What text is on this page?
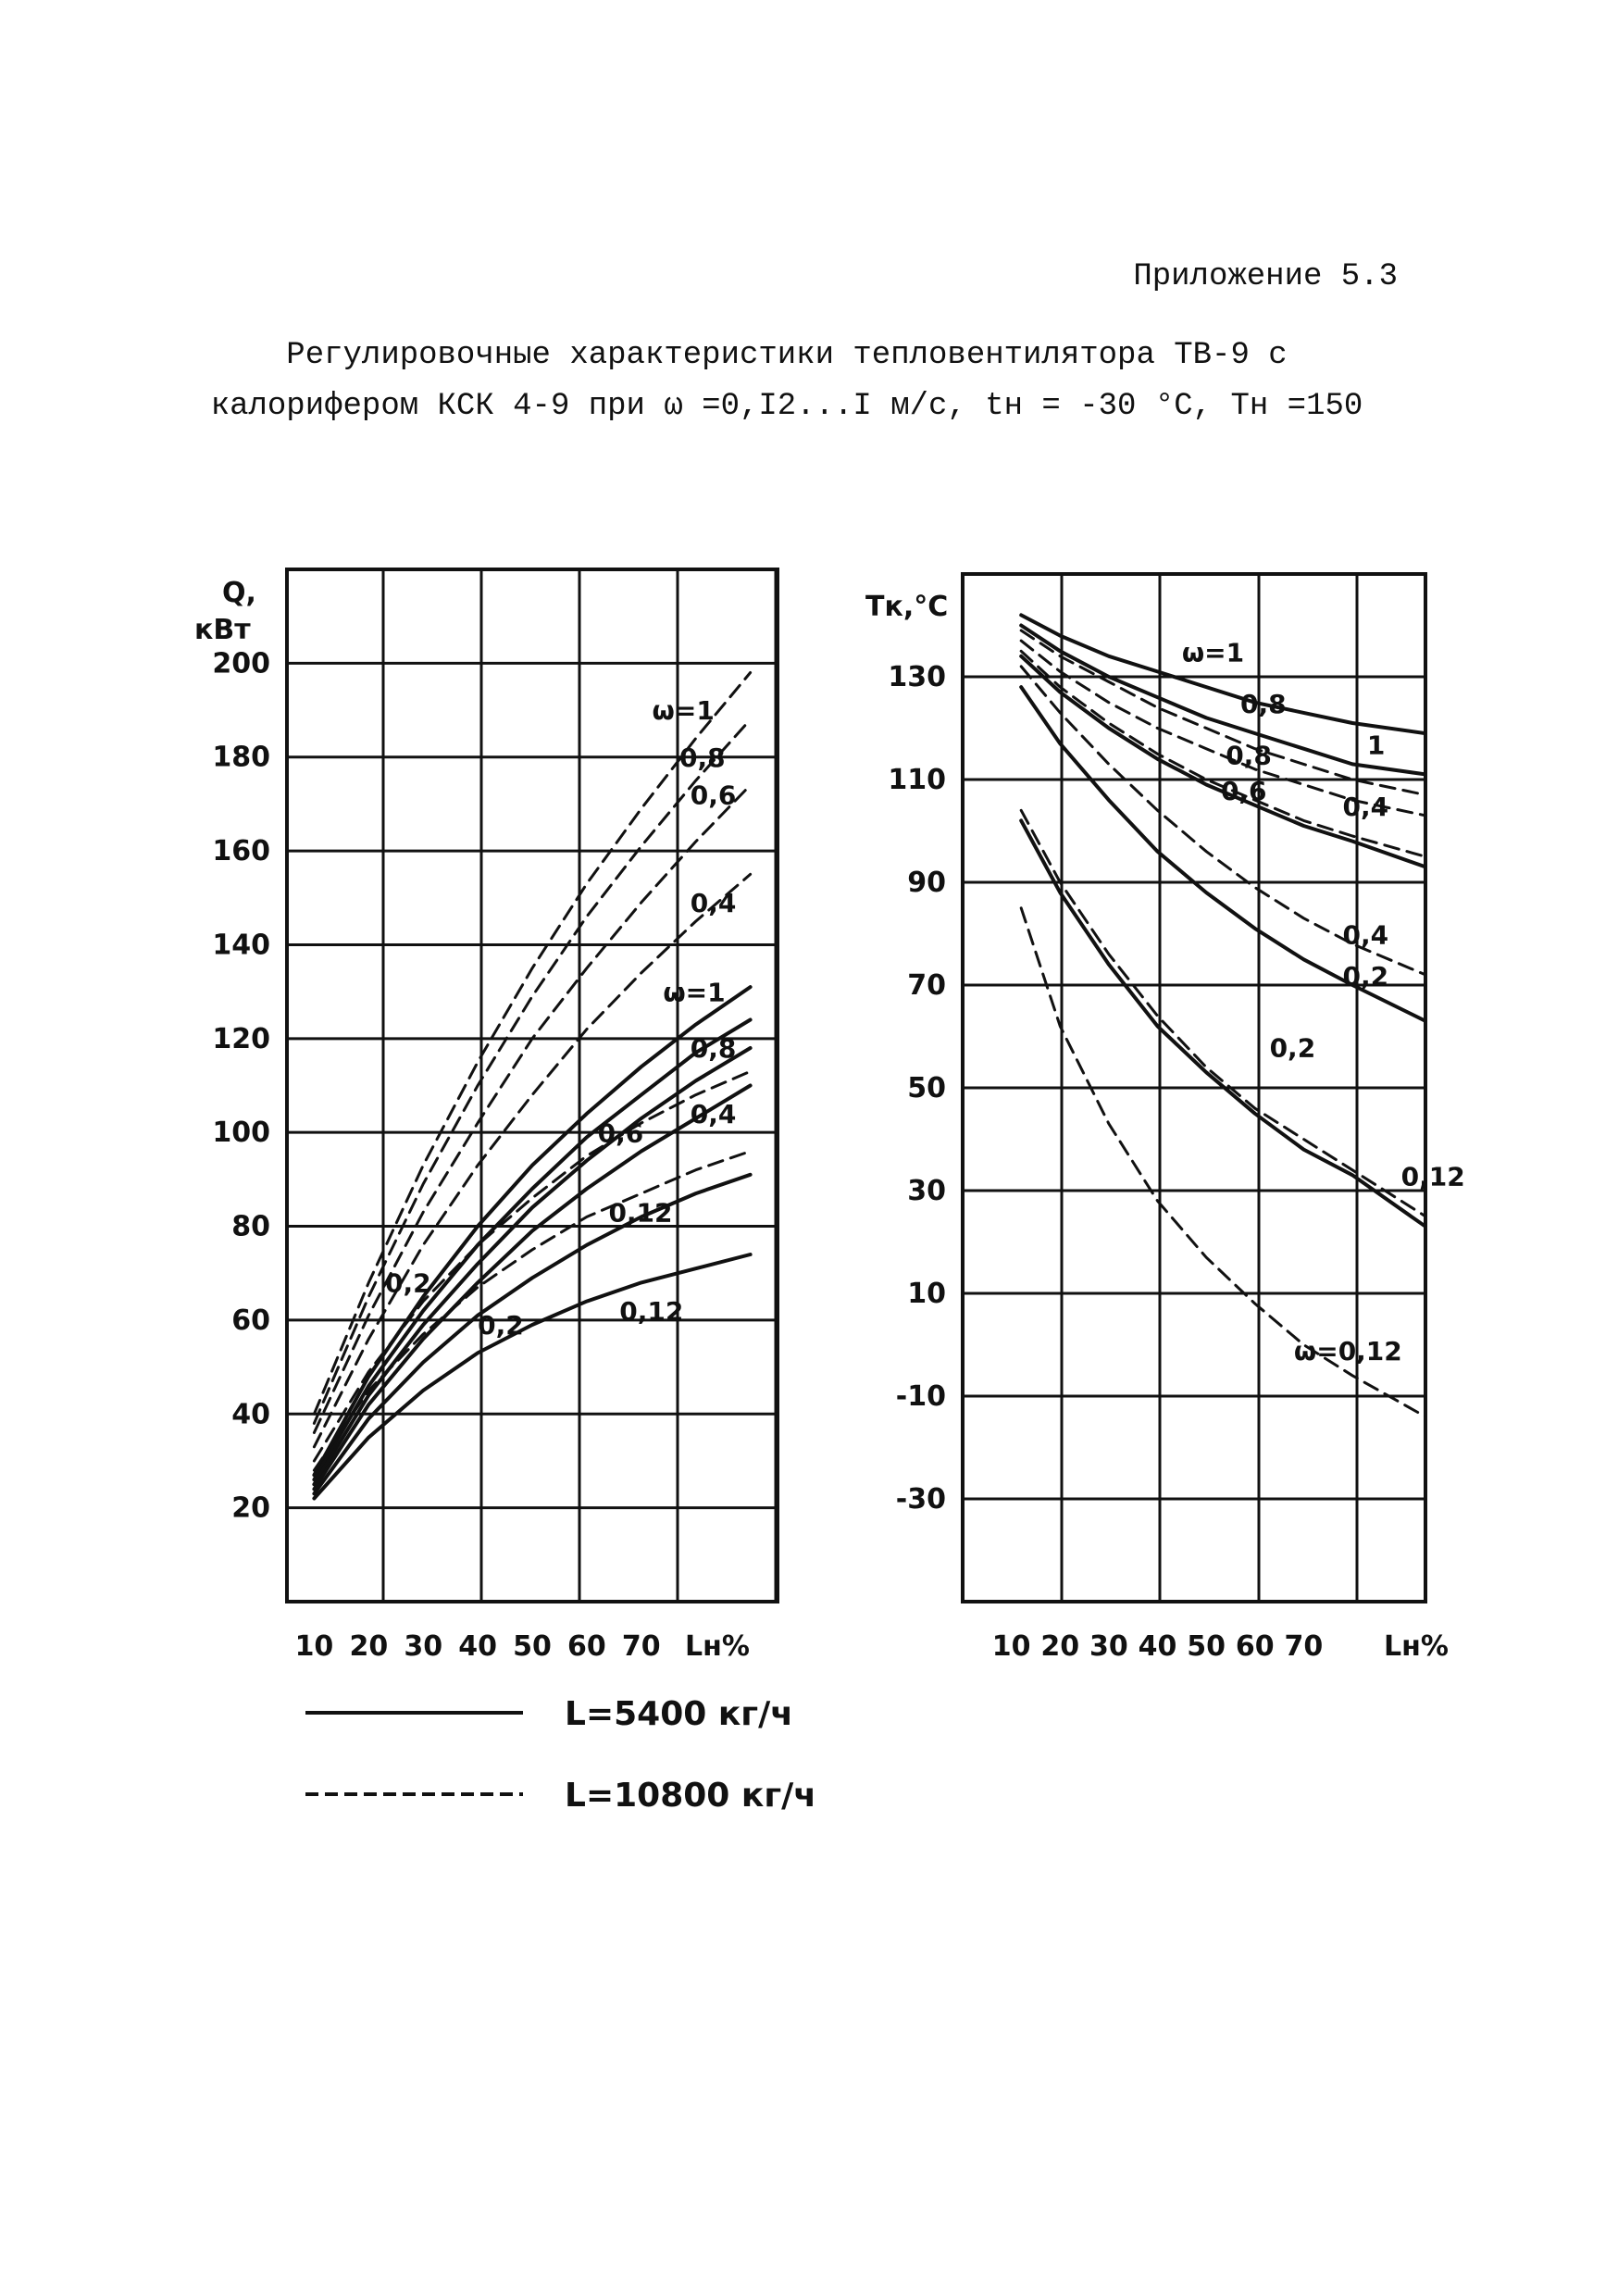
Приложение 5.3
Регулировочные характеристики тепловентилятора ТВ-9 с
калорифером КСК 4-9 при ω =0,I2...I м/с, tн = -30 °С, Тн =150
20
40
60
80
100
120
140
160
180
200
10 20 30 40 50 60 70 Lн%
Q,
кВт
ω=1
0,8
0,6
0,4
ω=1
0,8
0,6
0,4
0,12
0,2
0,2	0,12
-30
-10
10
30
50
70
90
110
130
10 20 30 40 50 60 70 Lн%
Tк,°C
ω=1
0,8
0,8	1
0,6
0,4
0,4
0,2
0,2
0,12
ω=0,12
L=5400 кг/ч
L=10800 кг/ч
